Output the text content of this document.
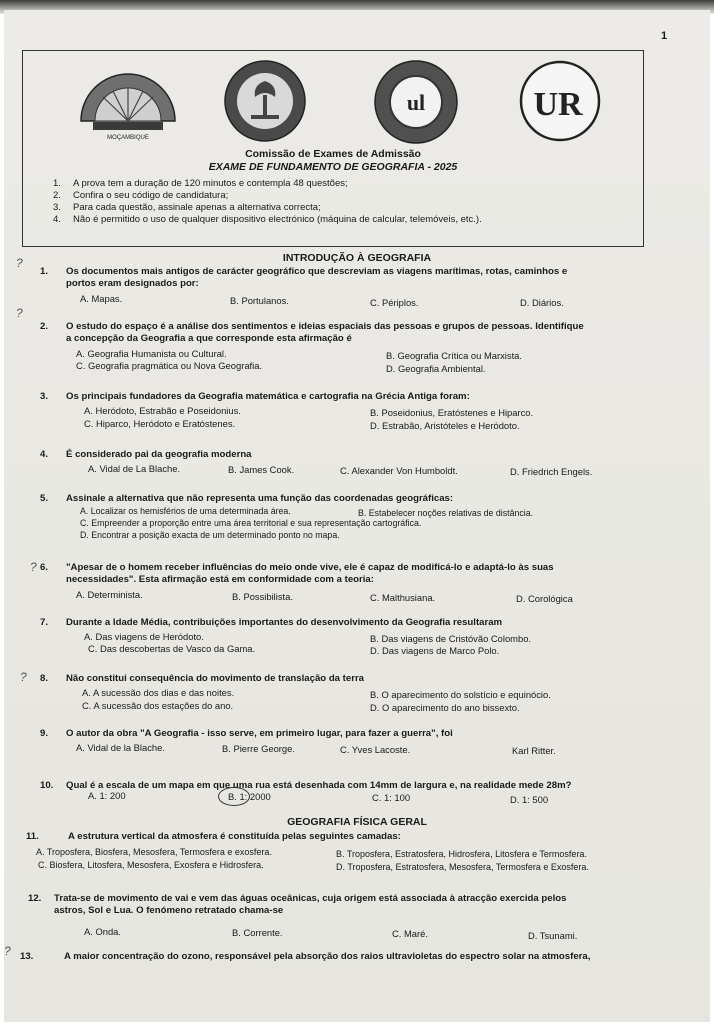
1
MOÇAMBIQUE
ul	UR
Comissão de Exames de Admissão
EXAME DE FUNDAMENTO DE GEOGRAFIA - 2025
1. A prova tem a duração de 120 minutos e contempla 48 questões;
2. Confira o seu código de candidatura;
3. Para cada questão, assinale apenas a alternativa correcta;
4. Não é permitido o uso de qualquer dispositivo electrónico (máquina de calcular, telemóveis, etc.).
INTRODUÇÃO À GEOGRAFIA
1. Os documentos mais antigos de carácter geográfico que descreviam as viagens marítimas, rotas, caminhos e
portos eram designados por:
A. Mapas.	B. Portulanos.	C. Périplos.	D. Diários.
2. O estudo do espaço é a análise dos sentimentos e ideias espaciais das pessoas e grupos de pessoas. Identifique
a concepção da Geografia a que corresponde esta afirmação é
A. Geografia Humanista ou Cultural.	B. Geografia Crítica ou Marxista.
C. Geografia pragmática ou Nova Geografia.	D. Geografia Ambiental.
3. Os principais fundadores da Geografia matemática e cartografia na Grécia Antiga foram:
A. Heródoto, Estrabão e Poseidonius.	B. Poseidonius, Eratóstenes e Hiparco.
C. Hiparco, Heródoto e Eratóstenes.	D. Estrabão, Aristóteles e Heródoto.
4. É considerado pai da geografia moderna
A. Vidal de La Blache.	B. James Cook.	C. Alexander Von Humboldt.	D. Friedrich Engels.
5. Assinale a alternativa que não representa uma função das coordenadas geográficas:
A. Localizar os hemisférios de uma determinada área.	B. Estabelecer noções relativas de distância.
C. Empreender a proporção entre uma área territorial e sua representação cartográfica.
D. Encontrar a posição exacta de um determinado ponto no mapa.
6. "Apesar de o homem receber influências do meio onde vive, ele é capaz de modificá-lo e adaptá-lo às suas
necessidades". Esta afirmação está em conformidade com a teoria:
A. Determinista.	B. Possibilista.	C. Malthusiana.	D. Corológica
7. Durante a Idade Média, contribuições importantes do desenvolvimento da Geografia resultaram
A. Das viagens de Heródoto.	B. Das viagens de Cristóvão Colombo.
C. Das descobertas de Vasco da Gama.	D. Das viagens de Marco Polo.
8. Não constitui consequência do movimento de translação da terra
A. A sucessão dos dias e das noites.	B. O aparecimento do solstício e equinócio.
C. A sucessão dos estações do ano.	D. O aparecimento do ano bissexto.
9. O autor da obra "A Geografia - isso serve, em primeiro lugar, para fazer a guerra", foi
A. Vidal de la Blache.	B. Pierre George.	C. Yves Lacoste.	Karl Ritter.
10. Qual é a escala de um mapa em que uma rua está desenhada com 14mm de largura e, na realidade mede 28m?
A. 1: 200	B. 1: 2000	C. 1: 100	D. 1: 500
GEOGRAFIA FÍSICA GERAL
11.	A estrutura vertical da atmosfera é constituída pelas seguintes camadas:
A. Troposfera, Biosfera, Mesosfera, Termosfera e exosfera.	B. Troposfera, Estratosfera, Hidrosfera, Litosfera e Termosfera.
C. Biosfera, Litosfera, Mesosfera, Exosfera e Hidrosfera.	D. Troposfera, Estratosfera, Mesosfera, Termosfera e Exosfera.
12. Trata-se de movimento de vai e vem das águas oceânicas, cuja origem está associada à atracção exercida pelos
astros, Sol e Lua. O fenómeno retratado chama-se
A. Onda.	B. Corrente.	C. Maré.	D. Tsunami.
13.	A maior concentração do ozono, responsável pela absorção dos raios ultravioletas do espectro solar na atmosfera,
?
?
?
?
?
